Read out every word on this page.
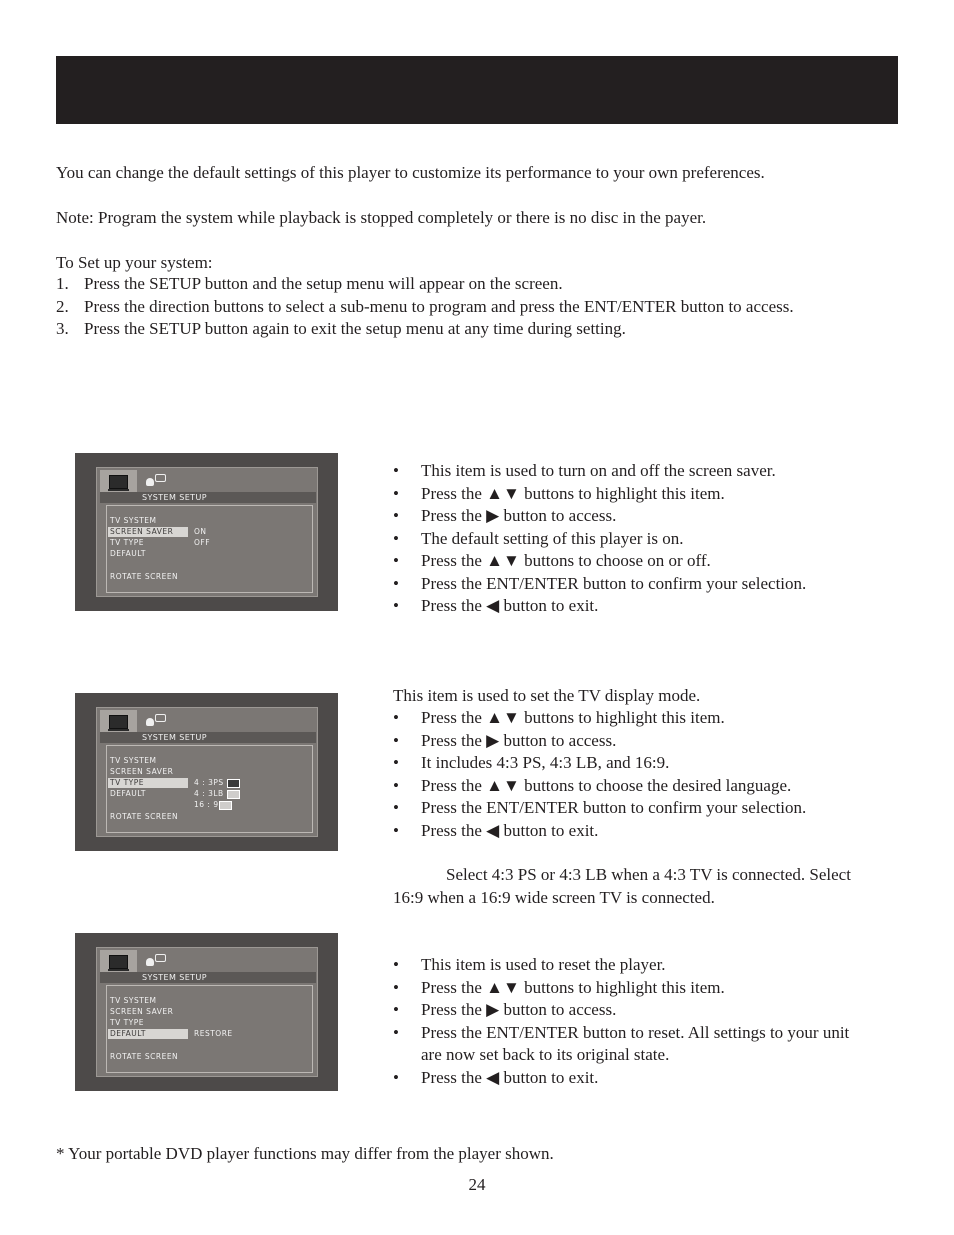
You can change the default settings of this player to customize its performance to your own preferences.

Note: Program the system while playback is stopped completely or there is no disc in the payer.

To Set up your system:

1. Press the SETUP button and the setup menu will appear on the screen.
2. Press the direction buttons to select a sub-menu to program and press the ENT/ENTER button to access.
3. Press the SETUP button again to exit the setup menu at any time during setting.
SYSTEM SETUP
TV SYSTEM
SCREEN SAVER
TV TYPE
DEFAULT
ROTATE SCREEN
ON
OFF
• This item is used to turn on and off the screen saver.
• Press the ▲▼ buttons to highlight this item.
• Press the ▶ button to access.
• The default setting of this player is on.
• Press the ▲▼ buttons to choose on or off.
• Press the ENT/ENTER button to confirm your selection.
• Press the ◀ button to exit.
SYSTEM SETUP
TV SYSTEM
SCREEN SAVER
TV TYPE
DEFAULT
ROTATE SCREEN
4 : 3PS
4 : 3LB
16 : 9

This item is used to set the TV display mode.

• Press the ▲▼ buttons to highlight this item.
• Press the ▶ button to access.
• It includes 4:3 PS, 4:3 LB, and 16:9.
• Press the ▲▼ buttons to choose the desired language.
• Press the ENT/ENTER button to confirm your selection.
• Press the ◀ button to exit.

Select 4:3 PS or 4:3 LB when a 4:3 TV is connected. Select

16:9 when a 16:9 wide screen TV is connected.

SYSTEM SETUP
TV SYSTEM
SCREEN SAVER
TV TYPE
DEFAULT
ROTATE SCREEN
RESTORE
• This item is used to reset the player.
• Press the ▲▼ buttons to highlight this item.
• Press the ▶ button to access.
• Press the ENT/ENTER button to reset. All settings to your unit
are now set back to its original state.
• Press the ◀ button to exit.

* Your portable DVD player functions may differ from the player shown.

24
